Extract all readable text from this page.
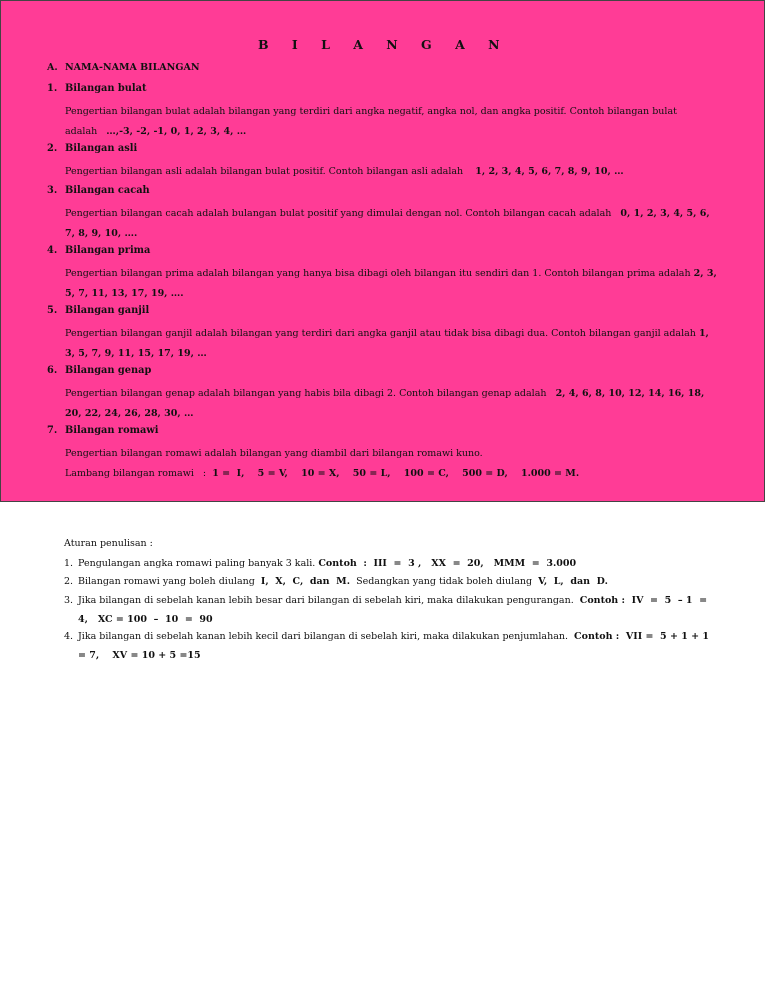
B I L A N G A N
A. NAMA-NAMA BILANGAN
1. Bilangan bulat
Pengertian bilangan bulat adalah bilangan yang terdiri dari angka negatif, angka nol, dan angka positif. Contoh bilangan bulat adalah …,-3, -2, -1, 0, 1, 2, 3, 4, …
2. Bilangan asli
Pengertian bilangan asli adalah bilangan bulat positif. Contoh bilangan asli adalah 1, 2, 3, 4, 5, 6, 7, 8, 9, 10, …
3. Bilangan cacah
Pengertian bilangan cacah adalah bulangan bulat positif yang dimulai dengan nol. Contoh bilangan cacah adalah 0, 1, 2, 3, 4, 5, 6, 7, 8, 9, 10, ….
4. Bilangan prima
Pengertian bilangan prima adalah bilangan yang hanya bisa dibagi oleh bilangan itu sendiri dan 1. Contoh bilangan prima adalah 2, 3, 5, 7, 11, 13, 17, 19, ….
5. Bilangan ganjil
Pengertian bilangan ganjil adalah bilangan yang terdiri dari angka ganjil atau tidak bisa dibagi dua. Contoh bilangan ganjil adalah 1, 3, 5, 7, 9, 11, 15, 17, 19, …
6. Bilangan genap
Pengertian bilangan genap adalah bilangan yang habis bila dibagi 2. Contoh bilangan genap adalah 2, 4, 6, 8, 10, 12, 14, 16, 18, 20, 22, 24, 26, 28, 30, …
7. Bilangan romawi
Pengertian bilangan romawi adalah bilangan yang diambil dari bilangan romawi kuno.
Lambang bilangan romawi   : 1 =  I,    5 = V,    10 = X,    50 = L,    100 = C,    500 = D,    1.000 = M.
Aturan penulisan :
1. Pengulangan angka romawi paling banyak 3 kali. Contoh  :  III  =  3 ,   XX  =  20,   MMM  =  3.000
2. Bilangan romawi yang boleh diulang I,  X,  C,  dan  M. Sedangkan yang tidak boleh diulang V,  L,  dan  D.
3. Jika bilangan di sebelah kanan lebih besar dari bilangan di sebelah kiri, maka dilakukan pengurangan. Contoh :  IV  =  5  – 1  =  4,   XC = 100  –  10  =  90
4. Jika bilangan di sebelah kanan lebih kecil dari bilangan di sebelah kiri, maka dilakukan penjumlahan. Contoh :  VII =  5 + 1 + 1  = 7,    XV = 10 + 5 =15
